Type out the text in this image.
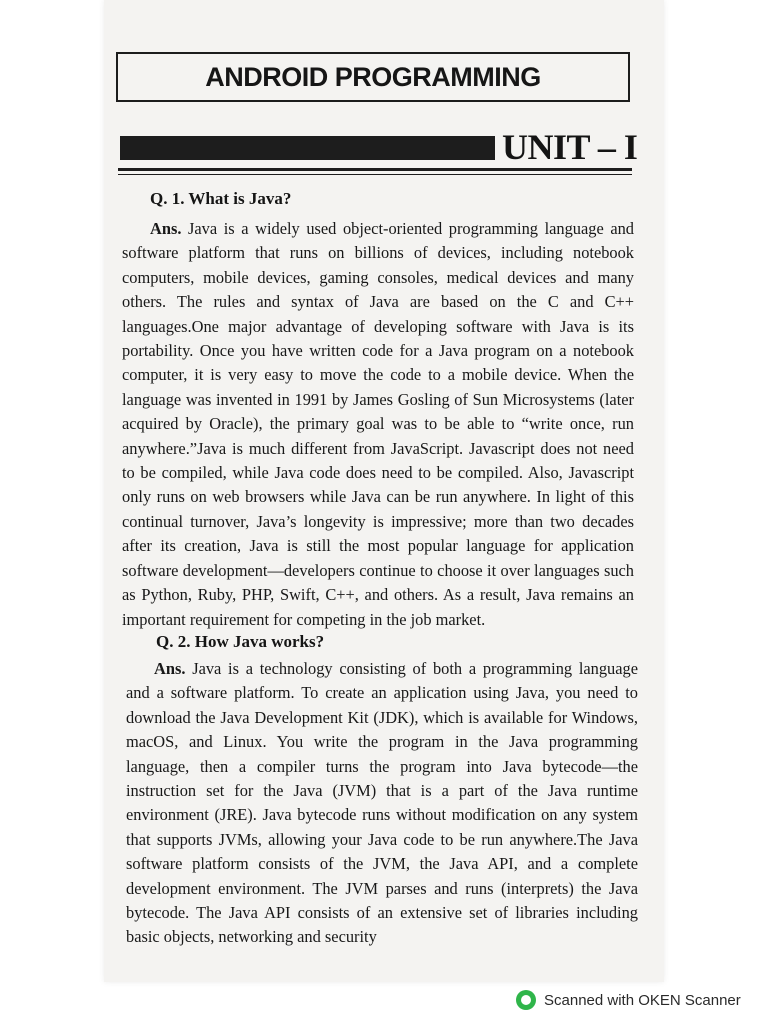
ANDROID PROGRAMMING
UNIT – I
Q. 1. What is Java?
Ans. Java is a widely used object-oriented programming language and software platform that runs on billions of devices, including notebook computers, mobile devices, gaming consoles, medical devices and many others. The rules and syntax of Java are based on the C and C++ languages.One major advantage of developing software with Java is its portability. Once you have written code for a Java program on a notebook computer, it is very easy to move the code to a mobile device. When the language was invented in 1991 by James Gosling of Sun Microsystems (later acquired by Oracle), the primary goal was to be able to “write once, run anywhere.”Java is much different from JavaScript. Javascript does not need to be compiled, while Java code does need to be compiled. Also, Javascript only runs on web browsers while Java can be run anywhere. In light of this continual turnover, Java’s longevity is impressive; more than two decades after its creation, Java is still the most popular language for application software development—developers continue to choose it over languages such as Python, Ruby, PHP, Swift, C++, and others. As a result, Java remains an important requirement for competing in the job market.
Q. 2. How Java works?
Ans. Java is a technology consisting of both a programming language and a software platform. To create an application using Java, you need to download the Java Development Kit (JDK), which is available for Windows, macOS, and Linux. You write the program in the Java programming language, then a compiler turns the program into Java bytecode—the instruction set for the Java (JVM) that is a part of the Java runtime environment (JRE). Java bytecode runs without modification on any system that supports JVMs, allowing your Java code to be run anywhere.The Java software platform consists of the JVM, the Java API, and a complete development environment. The JVM parses and runs (interprets) the Java bytecode. The Java API consists of an extensive set of libraries including basic objects, networking and security
Scanned with OKEN Scanner
